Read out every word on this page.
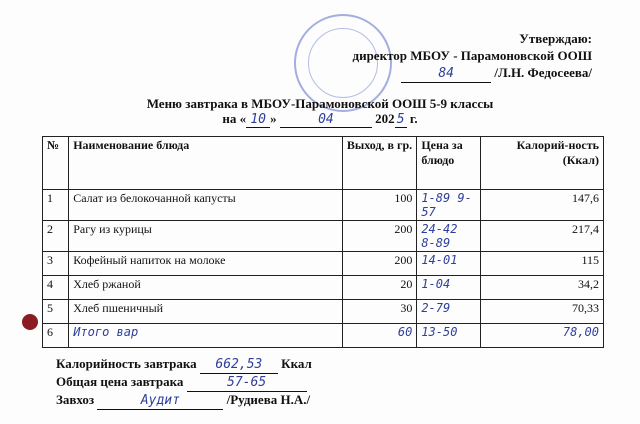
Утверждаю:
директор МБОУ - Парамоновской ООШ
84	/Л.Н. Федосеева/
Меню завтрака в МБОУ-Парамоновской ООШ 5-9 классы
на « 10 »	04	202 5 г.
№	Наименование блюда	Выход, в гр.	Цена за блюдо	Калорий-ность (Ккал)
1	Салат из белокочанной капусты	100	1-89 9-57	147,6
2	Рагу из курицы	200	24-42 8-89	217,4
3	Кофейный напиток на молоке	200	14-01	115
4	Хлеб ржаной	20	1-04	34,2
5	Хлеб пшеничный	30	2-79	70,33
6	Итого вар	60	13-50	78,00
Калорийность завтрака 662,53 Ккал
Общая цена завтрака	57-65
Завхоз	Аудит	/Рудиева Н.А./
